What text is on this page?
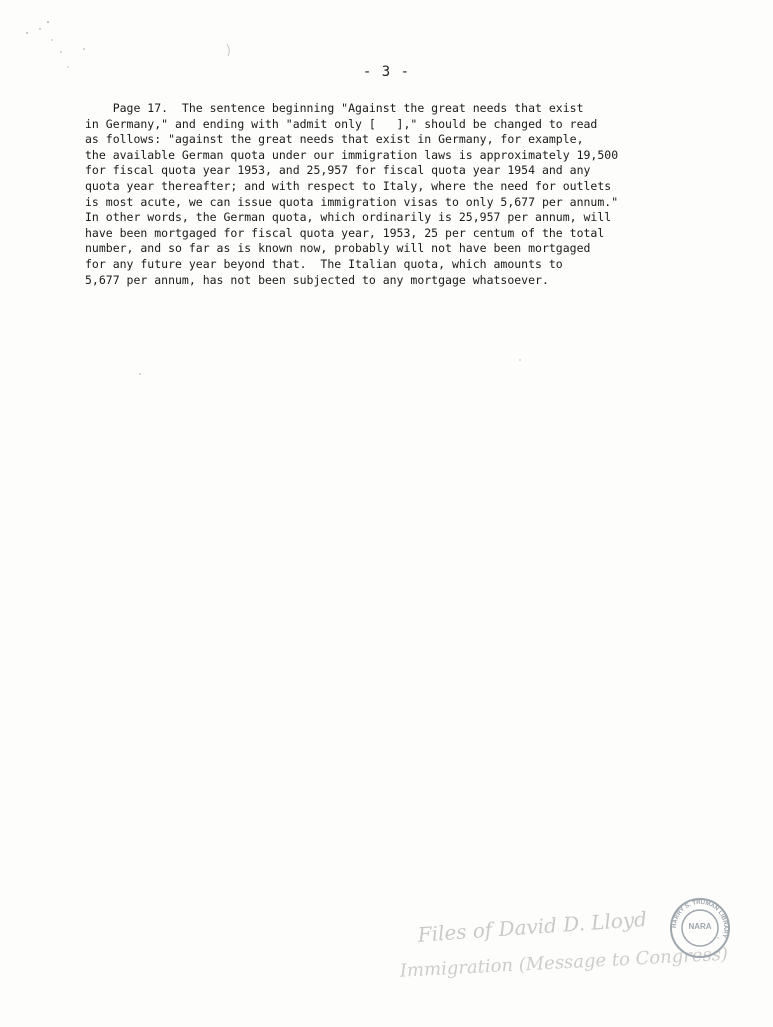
- 3 -
Page 17.  The sentence beginning "Against the great needs that exist
in Germany," and ending with "admit only [   ]," should be changed to read
as follows: "against the great needs that exist in Germany, for example,
the available German quota under our immigration laws is approximately 19,500
for fiscal quota year 1953, and 25,957 for fiscal quota year 1954 and any
quota year thereafter; and with respect to Italy, where the need for outlets
is most acute, we can issue quota immigration visas to only 5,677 per annum."
In other words, the German quota, which ordinarily is 25,957 per annum, will
have been mortgaged for fiscal quota year, 1953, 25 per centum of the total
number, and so far as is known now, probably will not have been mortgaged
for any future year beyond that.  The Italian quota, which amounts to
5,677 per annum, has not been subjected to any mortgage whatsoever.
Files of David D. Lloyd
Immigration (Message to Congress)
HARRY S. TRUMAN LIBRARY
NARA
